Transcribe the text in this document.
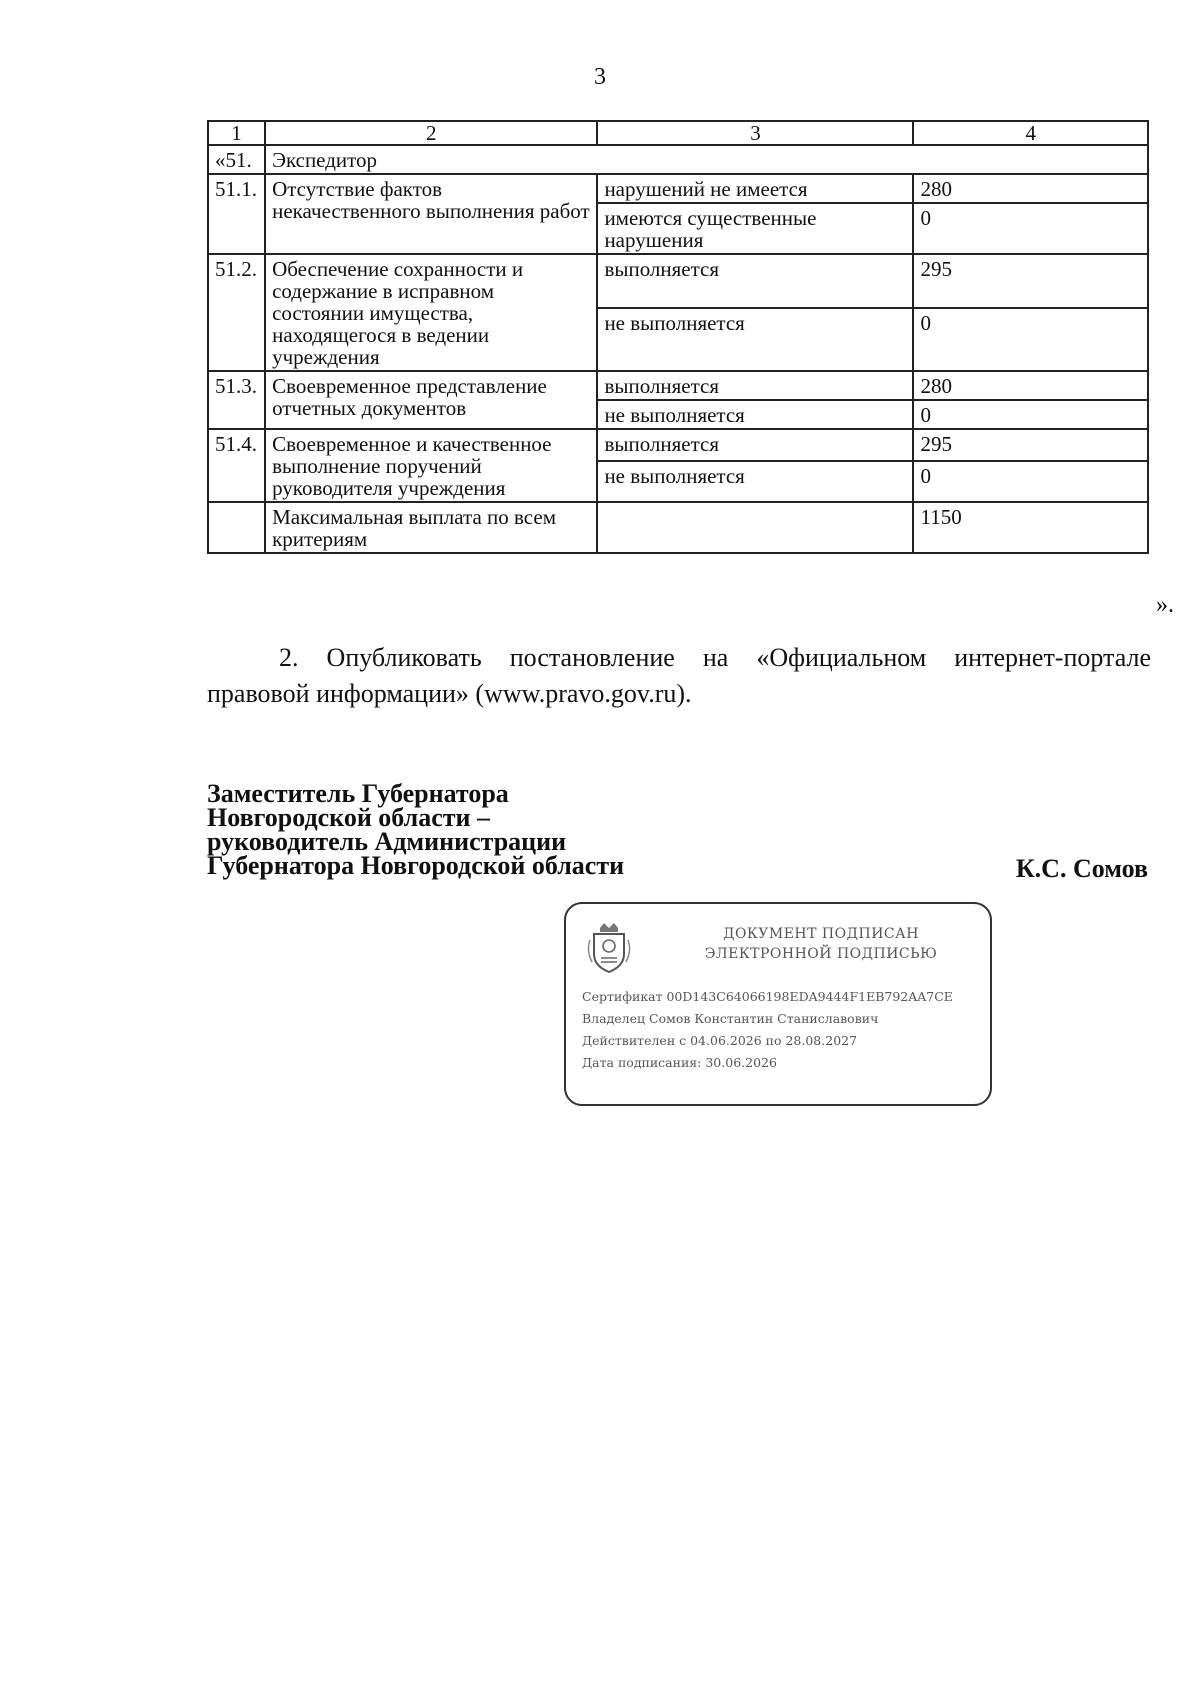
3
1	2	3	4
«51.	Экспедитор		
51.1.	Отсутствие фактов некачественного выполнения работ	нарушений не имеется	280
		имеются существенные нарушения	0
51.2.	Обеспечение сохранности и содержание в исправном состоянии имущества, находящегося в ведении учреждения	выполняется	295
		не выполняется	0
51.3.	Своевременное представление отчетных документов	выполняется	280
		не выполняется	0
51.4.	Своевременное и качественное выполнение поручений руководителя учреждения	выполняется	295
		не выполняется	0
	Максимальная выплата по всем критериям		1150
».
2. Опубликовать постановление на «Официальном интернет-портале правовой информации» (www.pravo.gov.ru).
Заместитель Губернатора
Новгородской области –
руководитель Администрации
Губернатора Новгородской области	К.С. Сомов
ДОКУМЕНТ ПОДПИСАН
ЭЛЕКТРОННОЙ ПОДПИСЬЮ
Сертификат 00D143C64066198EDA9444F1EB792AA7CE
Владелец Сомов Константин Станиславович
Действителен с 04.06.2026 по 28.08.2027
Дата подписания: 30.06.2026
